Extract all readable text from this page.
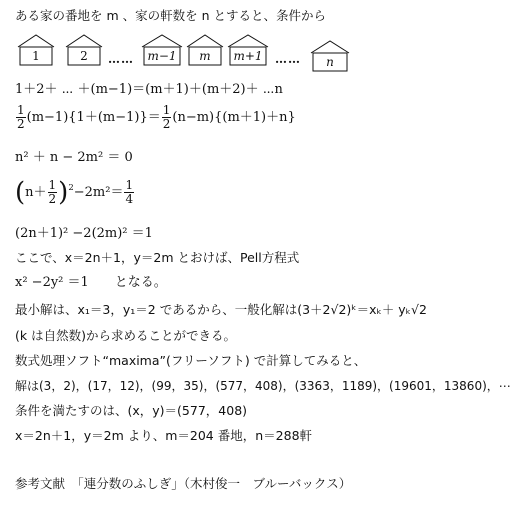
ある家の番地を m 、家の軒数を n とすると、条件から
1	2	……	m−1	m	m+1	……	n
1＋2＋ ⋯ ＋(m−1)＝(m＋1)＋(m＋2)＋ ⋯n
$\frac{1}{2} (m-1)\{1+(m-1)\}= \frac{1}{2} (n-m)\{(m+1)+n\}$
n² ＋ n − 2m² ＝ 0
$(n+ \frac{1}{2} )^2-2m^2= \frac{1}{4}$
(2n＋1)² −2(2m)² ＝1
ここで、x＝2n＋1，y＝2m とおけば、Pell方程式
x² −2y² ＝1　　となる。
最小解は、x₁＝3，y₁＝2 であるから、一般化解は(3＋2√2)ᵏ＝xₖ＋ yₖ√2
(k は自然数)から求めることができる。
数式処理ソフト“maxima”(フリーソフト) で計算してみると、
解は(3，2)，(17，12)，(99，35)，(577，408)，(3363，1189)，(19601，13860)，⋯
条件を満たすのは、(x，y)＝(577，408)
x＝2n＋1，y＝2m より、m＝204 番地，n＝288軒
参考文献　「連分数のふしぎ」（木村俊一　ブルーバックス）
